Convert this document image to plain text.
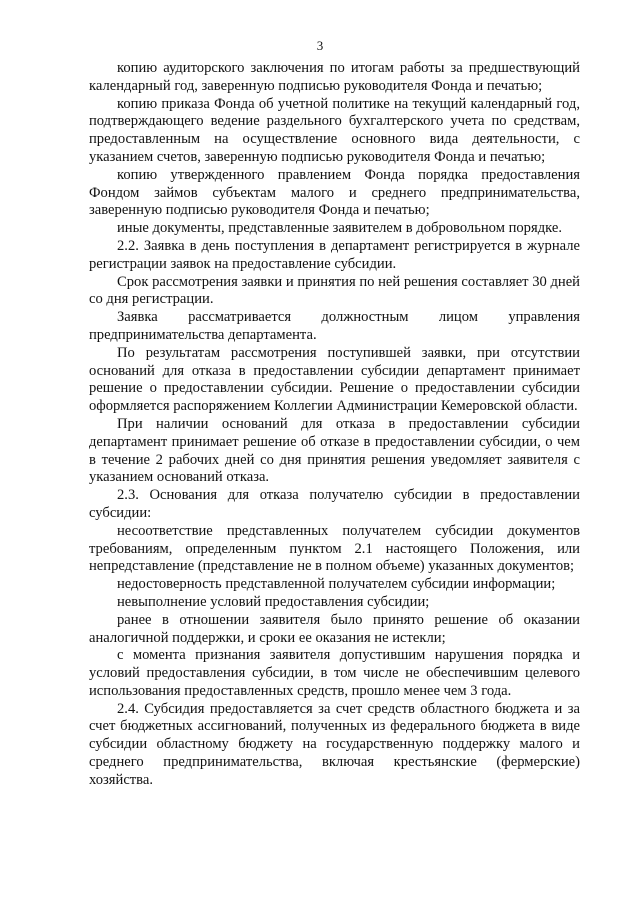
3

копию аудиторского заключения по итогам работы за предшествующий календарный год, заверенную подписью руководителя Фонда и печатью;

копию приказа Фонда об учетной политике на текущий календарный год, подтверждающего ведение раздельного бухгалтерского учета по средствам, предоставленным на осуществление основного вида деятельности, с указанием счетов, заверенную подписью руководителя Фонда и печатью;

копию утвержденного правлением Фонда порядка предоставления Фондом займов субъектам малого и среднего предпринимательства, заверенную подписью руководителя Фонда и печатью;

иные документы, представленные заявителем в добровольном порядке.

2.2. Заявка в день поступления в департамент регистрируется в журнале регистрации заявок на предоставление субсидии.

Срок рассмотрения заявки и принятия по ней решения составляет 30 дней со дня регистрации.

Заявка рассматривается должностным лицом управления предпринимательства департамента.

По результатам рассмотрения поступившей заявки, при отсутствии оснований для отказа в предоставлении субсидии департамент принимает решение о предоставлении субсидии. Решение о предоставлении субсидии оформляется распоряжением Коллегии Администрации Кемеровской области.

При наличии оснований для отказа в предоставлении субсидии департамент принимает решение об отказе в предоставлении субсидии, о чем в течение 2 рабочих дней со дня принятия решения уведомляет заявителя с указанием оснований отказа.

2.3. Основания для отказа получателю субсидии в предоставлении субсидии:

несоответствие представленных получателем субсидии документов требованиям, определенным пунктом 2.1 настоящего Положения, или непредставление (представление не в полном объеме) указанных документов;

недостоверность представленной получателем субсидии информации;

невыполнение условий предоставления субсидии;

ранее в отношении заявителя было принято решение об оказании аналогичной поддержки, и сроки ее оказания не истекли;

с момента признания заявителя допустившим нарушения порядка и условий предоставления субсидии, в том числе не обеспечившим целевого использования предоставленных средств, прошло менее чем 3 года.

2.4. Субсидия предоставляется за счет средств областного бюджета и за счет бюджетных ассигнований, полученных из федерального бюджета в виде субсидии областному бюджету на государственную поддержку малого и среднего предпринимательства, включая крестьянские (фермерские) хозяйства.
